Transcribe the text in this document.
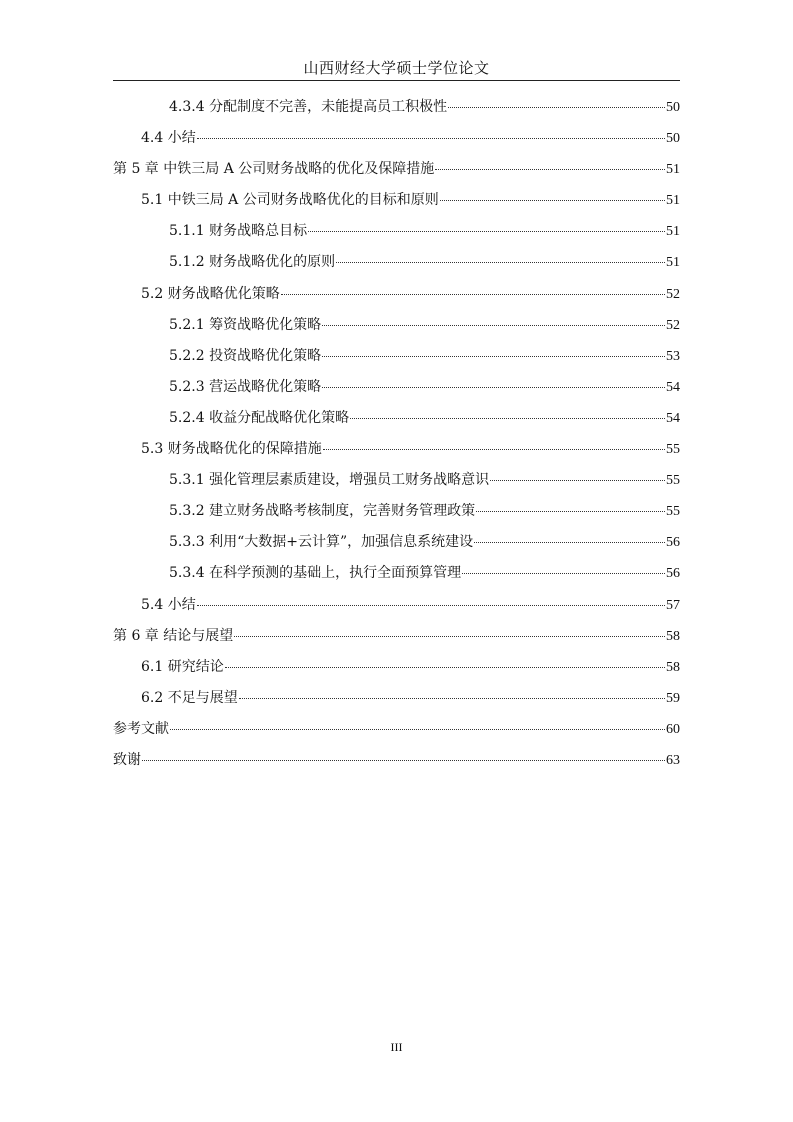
山西财经大学硕士学位论文
4.3.4 分配制度不完善，未能提高员工积极性	50
4.4 小结	50
第 5 章 中铁三局 A 公司财务战略的优化及保障措施	51
5.1 中铁三局 A 公司财务战略优化的目标和原则	51
5.1.1 财务战略总目标	51
5.1.2 财务战略优化的原则	51
5.2 财务战略优化策略	52
5.2.1 筹资战略优化策略	52
5.2.2 投资战略优化策略	53
5.2.3 营运战略优化策略	54
5.2.4 收益分配战略优化策略	54
5.3 财务战略优化的保障措施	55
5.3.1 强化管理层素质建设，增强员工财务战略意识	55
5.3.2 建立财务战略考核制度，完善财务管理政策	55
5.3.3 利用“大数据+云计算”，加强信息系统建设	56
5.3.4 在科学预测的基础上，执行全面预算管理	56
5.4 小结	57
第 6 章 结论与展望	58
6.1 研究结论	58
6.2 不足与展望	59
参考文献	60
致谢	63
III
